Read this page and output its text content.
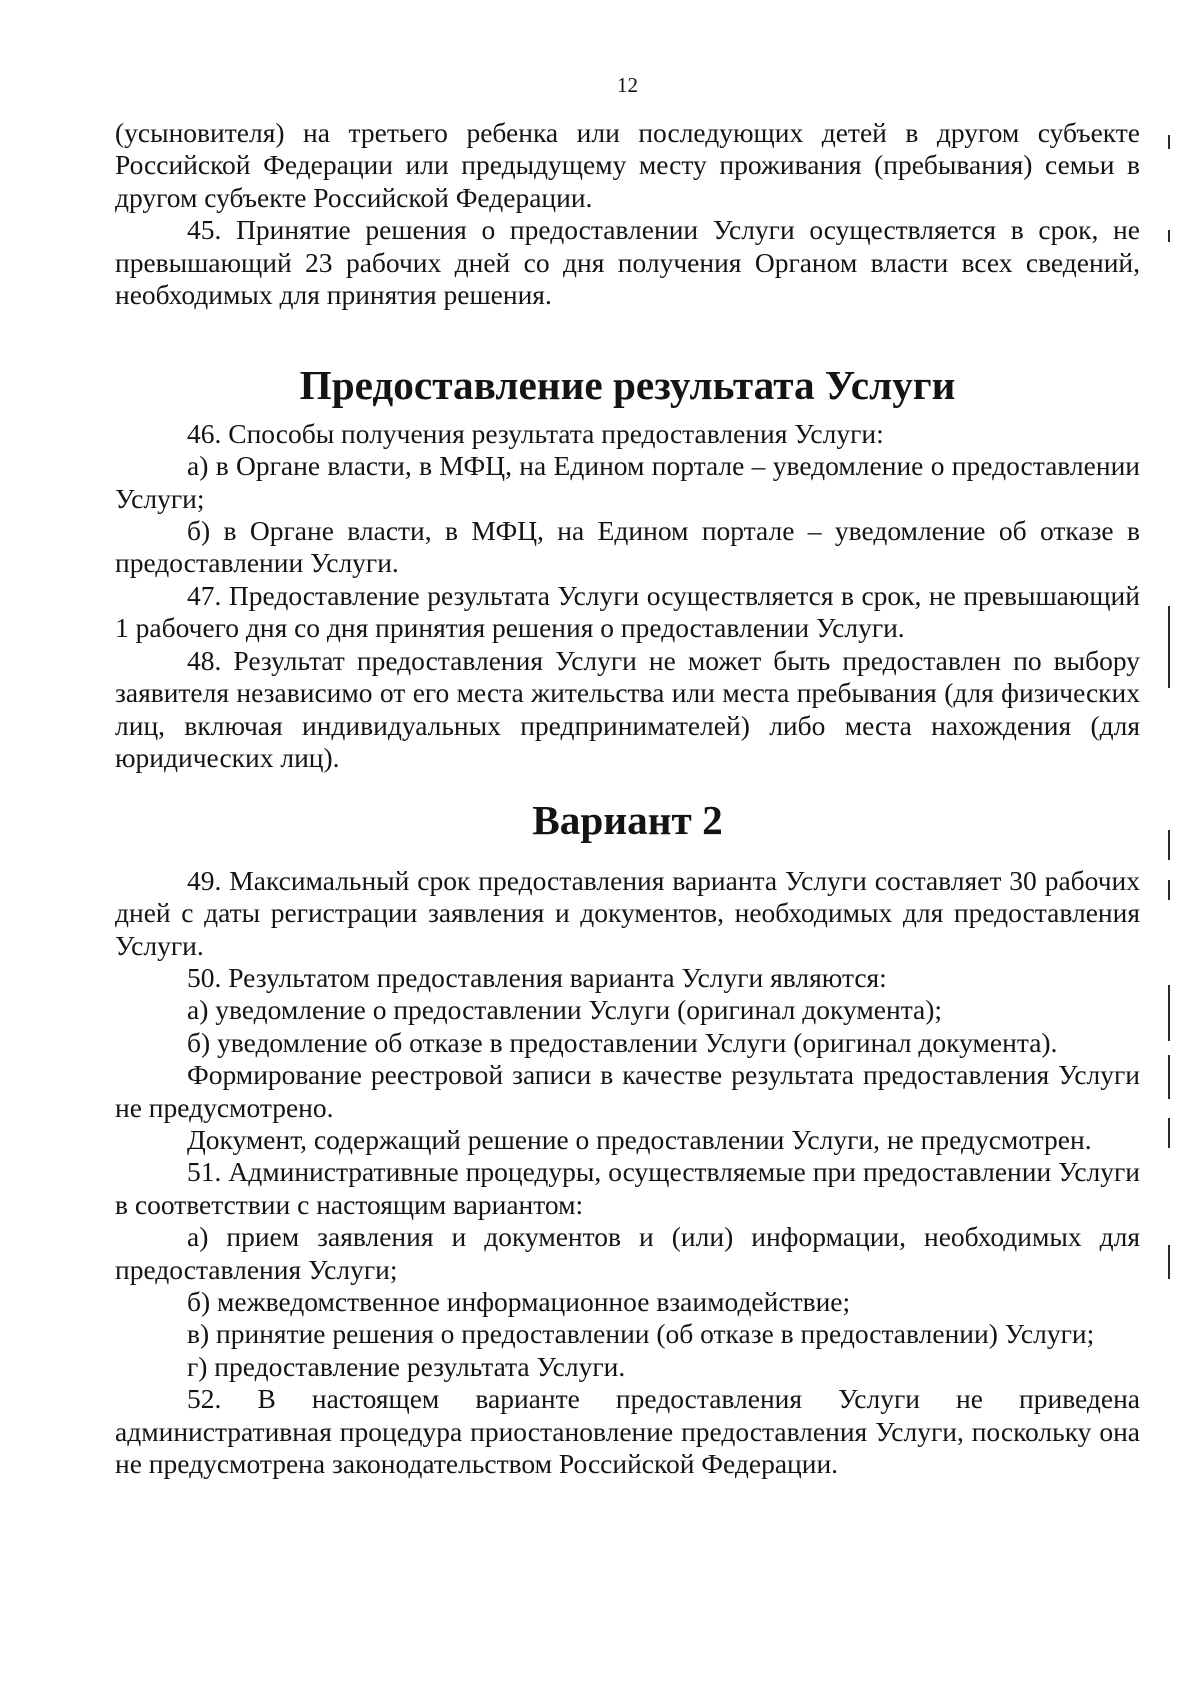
12

(усыновителя) на третьего ребенка или последующих детей в другом субъекте Российской Федерации или предыдущему месту проживания (пребывания) семьи в другом субъекте Российской Федерации.

45. Принятие решения о предоставлении Услуги осуществляется в срок, не превышающий 23 рабочих дней со дня получения Органом власти всех сведений, необходимых для принятия решения.

Предоставление результата Услуги

46. Способы получения результата предоставления Услуги:

а) в Органе власти, в МФЦ, на Едином портале – уведомление о предоставлении Услуги;

б) в Органе власти, в МФЦ, на Едином портале – уведомление об отказе в предоставлении Услуги.

47. Предоставление результата Услуги осуществляется в срок, не превышающий 1 рабочего дня со дня принятия решения о предоставлении Услуги.

48. Результат предоставления Услуги не может быть предоставлен по выбору заявителя независимо от его места жительства или места пребывания (для физических лиц, включая индивидуальных предпринимателей) либо места нахождения (для юридических лиц).

Вариант 2

49. Максимальный срок предоставления варианта Услуги составляет 30 рабочих дней с даты регистрации заявления и документов, необходимых для предоставления Услуги.

50. Результатом предоставления варианта Услуги являются:

а) уведомление о предоставлении Услуги (оригинал документа);

б) уведомление об отказе в предоставлении Услуги (оригинал документа).

Формирование реестровой записи в качестве результата предоставления Услуги не предусмотрено.

Документ, содержащий решение о предоставлении Услуги, не предусмотрен.

51. Административные процедуры, осуществляемые при предоставлении Услуги в соответствии с настоящим вариантом:

а) прием заявления и документов и (или) информации, необходимых для предоставления Услуги;

б) межведомственное информационное взаимодействие;

в) принятие решения о предоставлении (об отказе в предоставлении) Услуги;

г) предоставление результата Услуги.

52. В настоящем варианте предоставления Услуги не приведена административная процедура приостановление предоставления Услуги, поскольку она не предусмотрена законодательством Российской Федерации.
